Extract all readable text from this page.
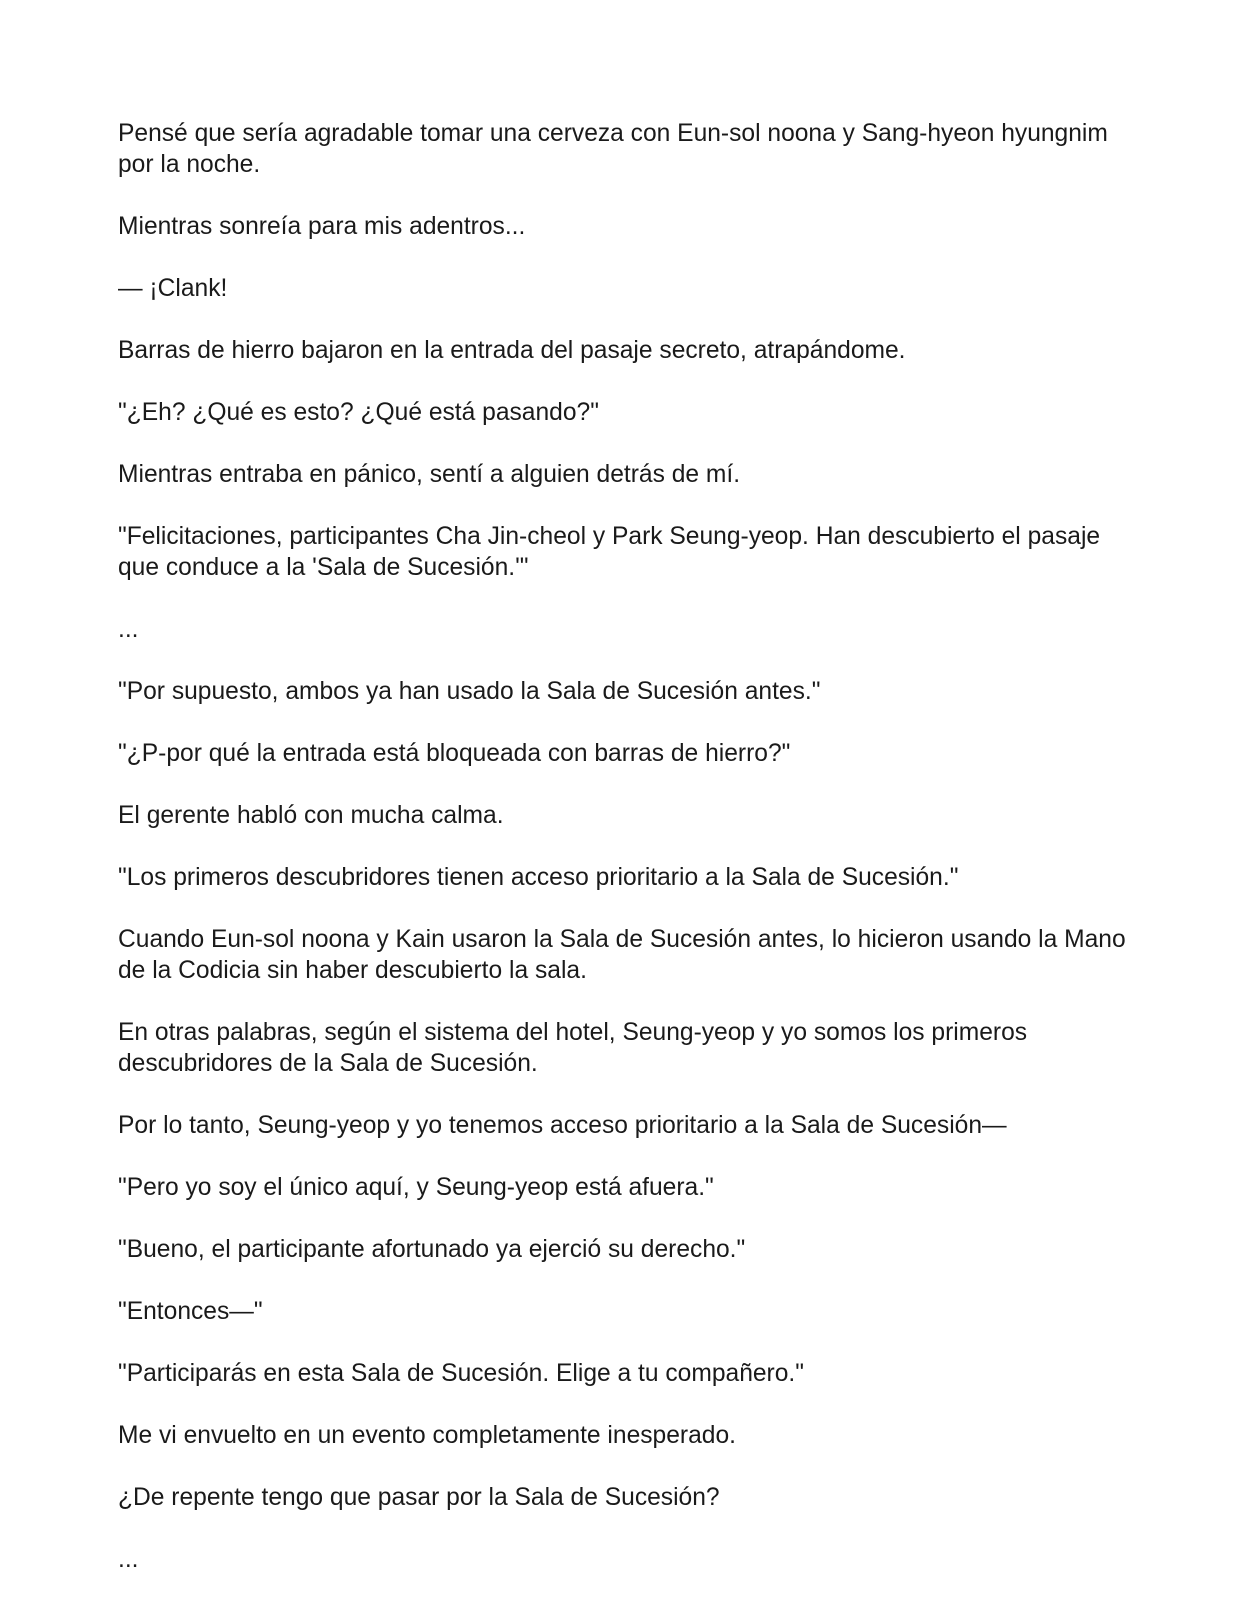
Pensé que sería agradable tomar una cerveza con Eun-sol noona y Sang-hyeon hyungnim por la noche.

Mientras sonreía para mis adentros...

— ¡Clank!

Barras de hierro bajaron en la entrada del pasaje secreto, atrapándome.

"¿Eh? ¿Qué es esto? ¿Qué está pasando?"

Mientras entraba en pánico, sentí a alguien detrás de mí.

"Felicitaciones, participantes Cha Jin-cheol y Park Seung-yeop. Han descubierto el pasaje que conduce a la 'Sala de Sucesión.'"

...

"Por supuesto, ambos ya han usado la Sala de Sucesión antes."

"¿P-por qué la entrada está bloqueada con barras de hierro?"

El gerente habló con mucha calma.

"Los primeros descubridores tienen acceso prioritario a la Sala de Sucesión."

Cuando Eun-sol noona y Kain usaron la Sala de Sucesión antes, lo hicieron usando la Mano de la Codicia sin haber descubierto la sala.

En otras palabras, según el sistema del hotel, Seung-yeop y yo somos los primeros descubridores de la Sala de Sucesión.

Por lo tanto, Seung-yeop y yo tenemos acceso prioritario a la Sala de Sucesión—

"Pero yo soy el único aquí, y Seung-yeop está afuera."

"Bueno, el participante afortunado ya ejerció su derecho."

"Entonces—"

"Participarás en esta Sala de Sucesión. Elige a tu compañero."

Me vi envuelto en un evento completamente inesperado.

¿De repente tengo que pasar por la Sala de Sucesión?

...
